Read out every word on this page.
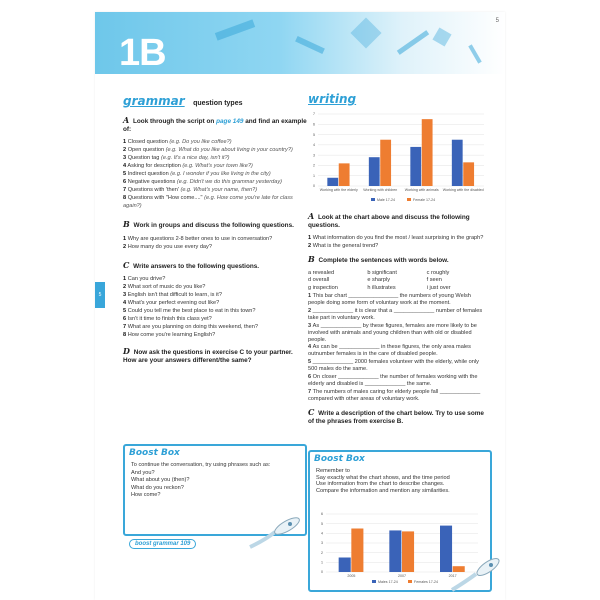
1B
5
5
grammar question types
A Look through the script on page 149 and find an example of:
1 Closed question (e.g. Do you like coffee?)
2 Open question (e.g. What do you like about living in your country?)
3 Question tag (e.g. It's a nice day, isn't it?)
4 Asking for description (e.g. What's your town like?)
5 Indirect question (e.g. I wonder if you like living in the city)
6 Negative questions (e.g. Didn't we do this grammar yesterday)
7 Questions with 'then' (e.g. What's your name, then?)
8 Questions with "How come...." (e.g. How come you're late for class again?)
B Work in groups and discuss the following questions.
1 Why are questions 2-8 better ones to use in conversation?
2 How many do you use every day?
C Write answers to the following questions.
1 Can you drive?
2 What sort of music do you like?
3 English isn't that difficult to learn, is it?
4 What's your perfect evening out like?
5 Could you tell me the best place to eat in this town?
6 Isn't it time to finish this class yet?
7 What are you planning on doing this weekend, then?
8 How come you're learning English?
D Now ask the questions in exercise C to your partner. How are your answers different/the same?
Boost Box
To continue the conversation, try using phrases such as:
And you?
What about you (then)?
What do you reckon?
How come?
boost grammar 109
writing
0
1
2
3
4
5
6
7
Working with the elderly Working with children Working with animals Working with the disabled
Male 17-24	Female 17-24
A Look at the chart above and discuss the following questions.
1 What information do you find the most / least surprising in the graph?
2 What is the general trend?
B Complete the sentences with words below.
a revealed	b significant	c roughly
d overall	e sharply	f seen
g inspection	h illustrates	i just over
1 This bar chart ________________ the numbers of young Welsh people doing some form of voluntary work at the moment.
2 _____________ it is clear that a _____________ number of females take part in voluntary work.
3 As _____________ by these figures, females are more likely to be involved with animals and young children than with old or disabled people.
4 As can be _____________ in these figures, the only area males outnumber females is in the care of disabled people.
5 _____________ 2000 females volunteer with the elderly, while only 500 males do the same.
6 On closer _____________ the number of females working with the elderly and disabled is _____________ the same.
7 The numbers of males caring for elderly people fall _____________ compared with other areas of voluntary work.
C Write a description of the chart below. Try to use some of the phrases from exercise B.
Boost Box
Remember to
Say exactly what the chart shows, and the time period
Use information from the chart to describe changes.
Compare the information and mention any similarities.
0
1
2
3
4
5
6
2005	2007	2017
Males 17-24	Females 17-24
